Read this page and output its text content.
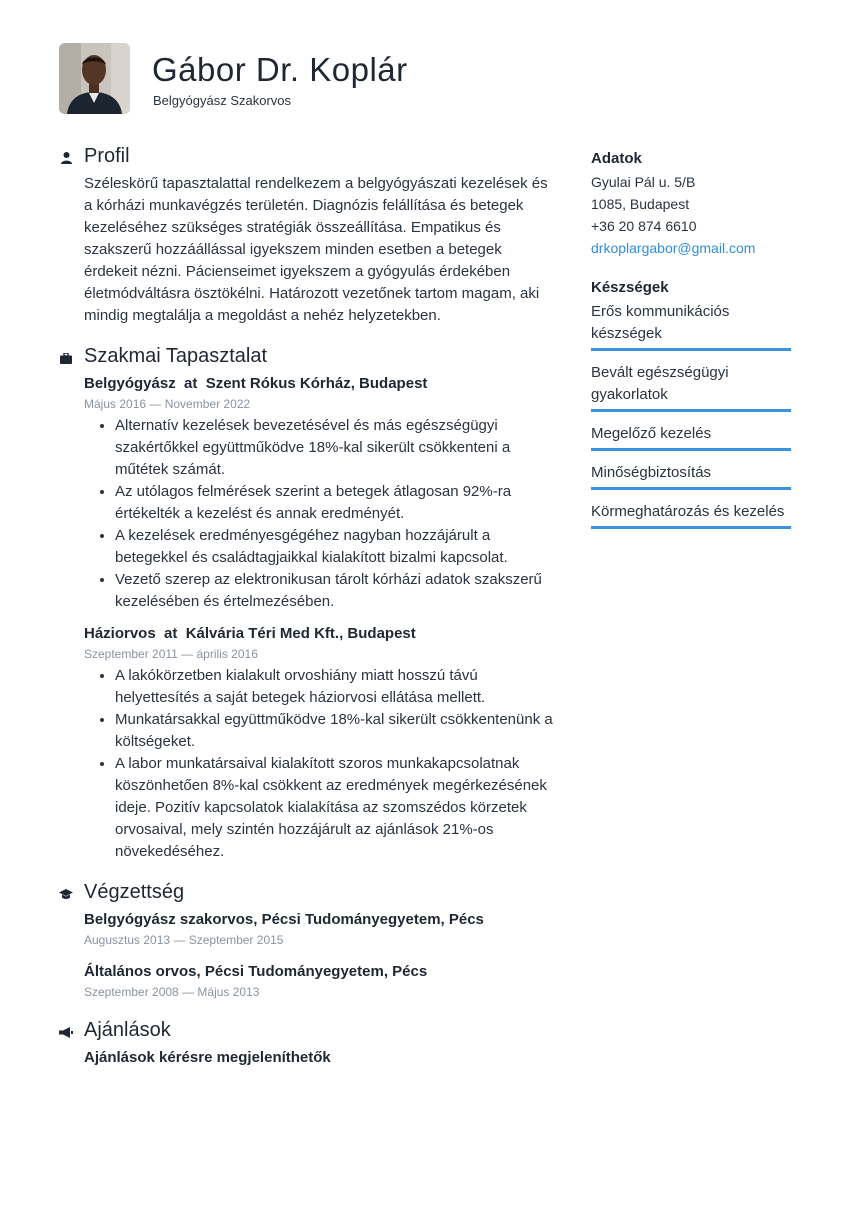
Gábor Dr. Koplár
Belgyógyász Szakorvos
Profil

Széleskörű tapasztalattal rendelkezem a belgyógyászati kezelések és a kórházi munkavégzés területén. Diagnózis felállítása és betegek kezeléséhez szükséges stratégiák összeállítása. Empatikus és szakszerű hozzáállással igyekszem minden esetben a betegek érdekeit nézni. Pácienseimet igyekszem a gyógyulás érdekében életmódváltásra ösztökélni. Határozott vezetőnek tartom magam, aki mindig megtalálja a megoldást a nehéz helyzetekben.

Szakmai Tapasztalat
Belgyógyász  at  Szent Rókus Kórház, Budapest
Május 2016 — November 2022
• Alternatív kezelések bevezetésével és más egészségügyi szakértőkkel együttműködve 18%-kal sikerült csökkenteni a műtétek számát.
• Az utólagos felmérések szerint a betegek átlagosan 92%-ra értékelték a kezelést és annak eredményét.
• A kezelések eredményesgégéhez nagyban hozzájárult a betegekkel és családtagjaikkal kialakított bizalmi kapcsolat.
• Vezető szerep az elektronikusan tárolt kórházi adatok szakszerű kezelésében és értelmezésében.
Háziorvos  at  Kálvária Téri Med Kft., Budapest
Szeptember 2011 — április 2016
• A lakókörzetben kialakult orvoshiány miatt hosszú távú helyettesítés a saját betegek háziorvosi ellátása mellett.
• Munkatársakkal együttműködve 18%-kal sikerült csökkentenünk a költségeket.
• A labor munkatársaival kialakított szoros munkakapcsolatnak köszönhetően 8%-kal csökkent az eredmények megérkezésének ideje. Pozitív kapcsolatok kialakítása az szomszédos körzetek orvosaival, mely szintén hozzájárult az ajánlások 21%-os növekedéséhez.
Végzettség
Belgyógyász szakorvos, Pécsi Tudományegyetem, Pécs
Augusztus 2013 — Szeptember 2015
Általános orvos, Pécsi Tudományegyetem, Pécs
Szeptember 2008 — Május 2013
Ajánlások
Ajánlások kérésre megjeleníthetők
Adatok
Gyulai Pál u. 5/B
1085, Budapest
+36 20 874 6610
drkoplargabor@gmail.com
Készségek
Erős kommunikációs készségek
Bevált egészségügyi gyakorlatok
Megelőző kezelés
Minőségbiztosítás
Körmeghatározás és kezelés
